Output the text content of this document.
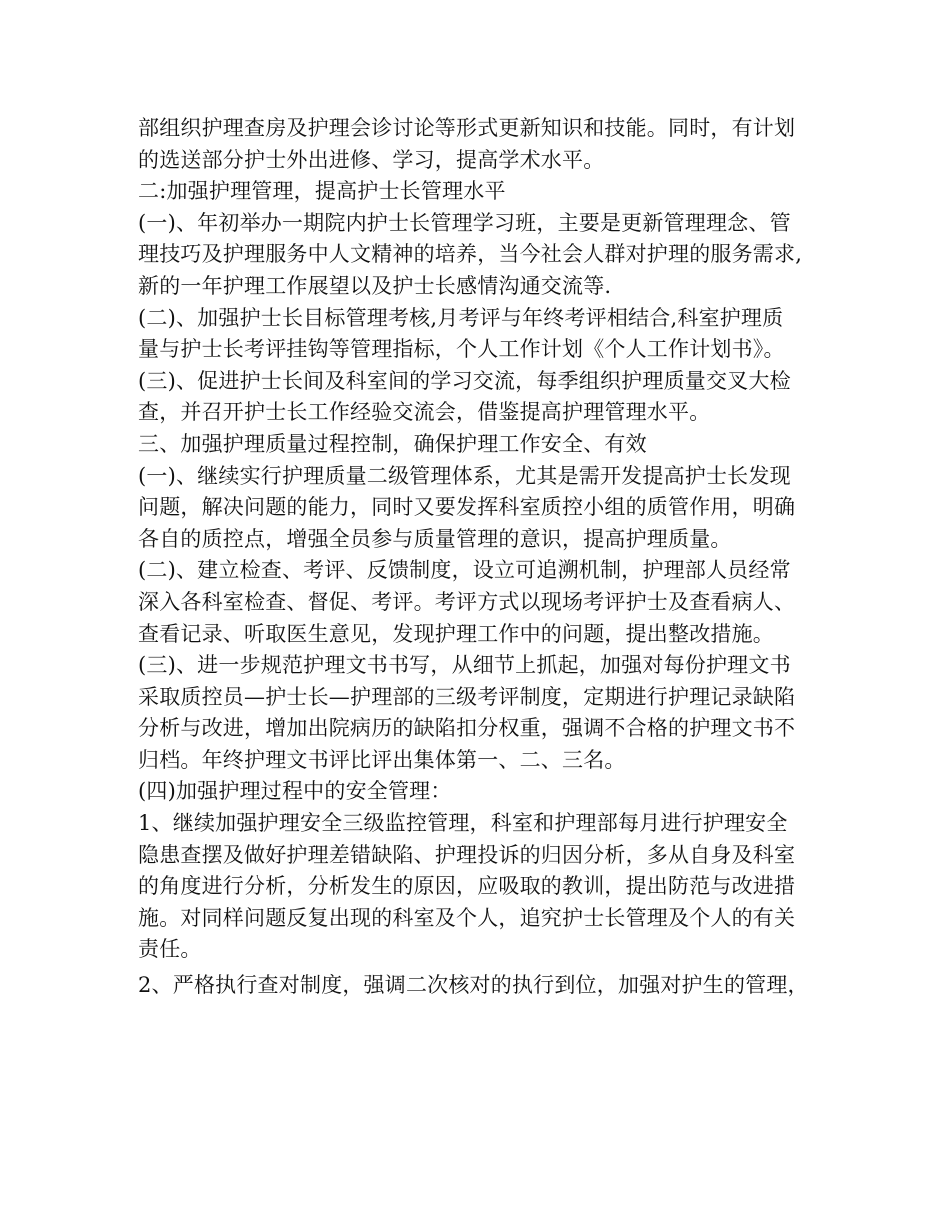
部组织护理查房及护理会诊讨论等形式更新知识和技能。同时，有计划
的选送部分护士外出进修、学习，提高学术水平。
二:加强护理管理，提高护士长管理水平
(一)、年初举办一期院内护士长管理学习班，主要是更新管理理念、管
理技巧及护理服务中人文精神的培养，当今社会人群对护理的服务需求,
新的一年护理工作展望以及护士长感情沟通交流等.
(二)、加强护士长目标管理考核,月考评与年终考评相结合,科室护理质
量与护士长考评挂钩等管理指标，个人工作计划《个人工作计划书》。
(三)、促进护士长间及科室间的学习交流，每季组织护理质量交叉大检
查，并召开护士长工作经验交流会，借鉴提高护理管理水平。
三、加强护理质量过程控制，确保护理工作安全、有效
(一)、继续实行护理质量二级管理体系，尤其是需开发提高护士长发现
问题，解决问题的能力，同时又要发挥科室质控小组的质管作用，明确
各自的质控点，增强全员参与质量管理的意识，提高护理质量。
(二)、建立检查、考评、反馈制度，设立可追溯机制，护理部人员经常
深入各科室检查、督促、考评。考评方式以现场考评护士及查看病人、
查看记录、听取医生意见，发现护理工作中的问题，提出整改措施。
(三)、进一步规范护理文书书写，从细节上抓起，加强对每份护理文书
采取质控员—护士长—护理部的三级考评制度，定期进行护理记录缺陷
分析与改进，增加出院病历的缺陷扣分权重，强调不合格的护理文书不
归档。年终护理文书评比评出集体第一、二、三名。
(四)加强护理过程中的安全管理：
1、继续加强护理安全三级监控管理，科室和护理部每月进行护理安全
隐患查摆及做好护理差错缺陷、护理投诉的归因分析，多从自身及科室
的角度进行分析，分析发生的原因，应吸取的教训，提出防范与改进措
施。对同样问题反复出现的科室及个人，追究护士长管理及个人的有关
责任。
2、严格执行查对制度，强调二次核对的执行到位，加强对护生的管理，
